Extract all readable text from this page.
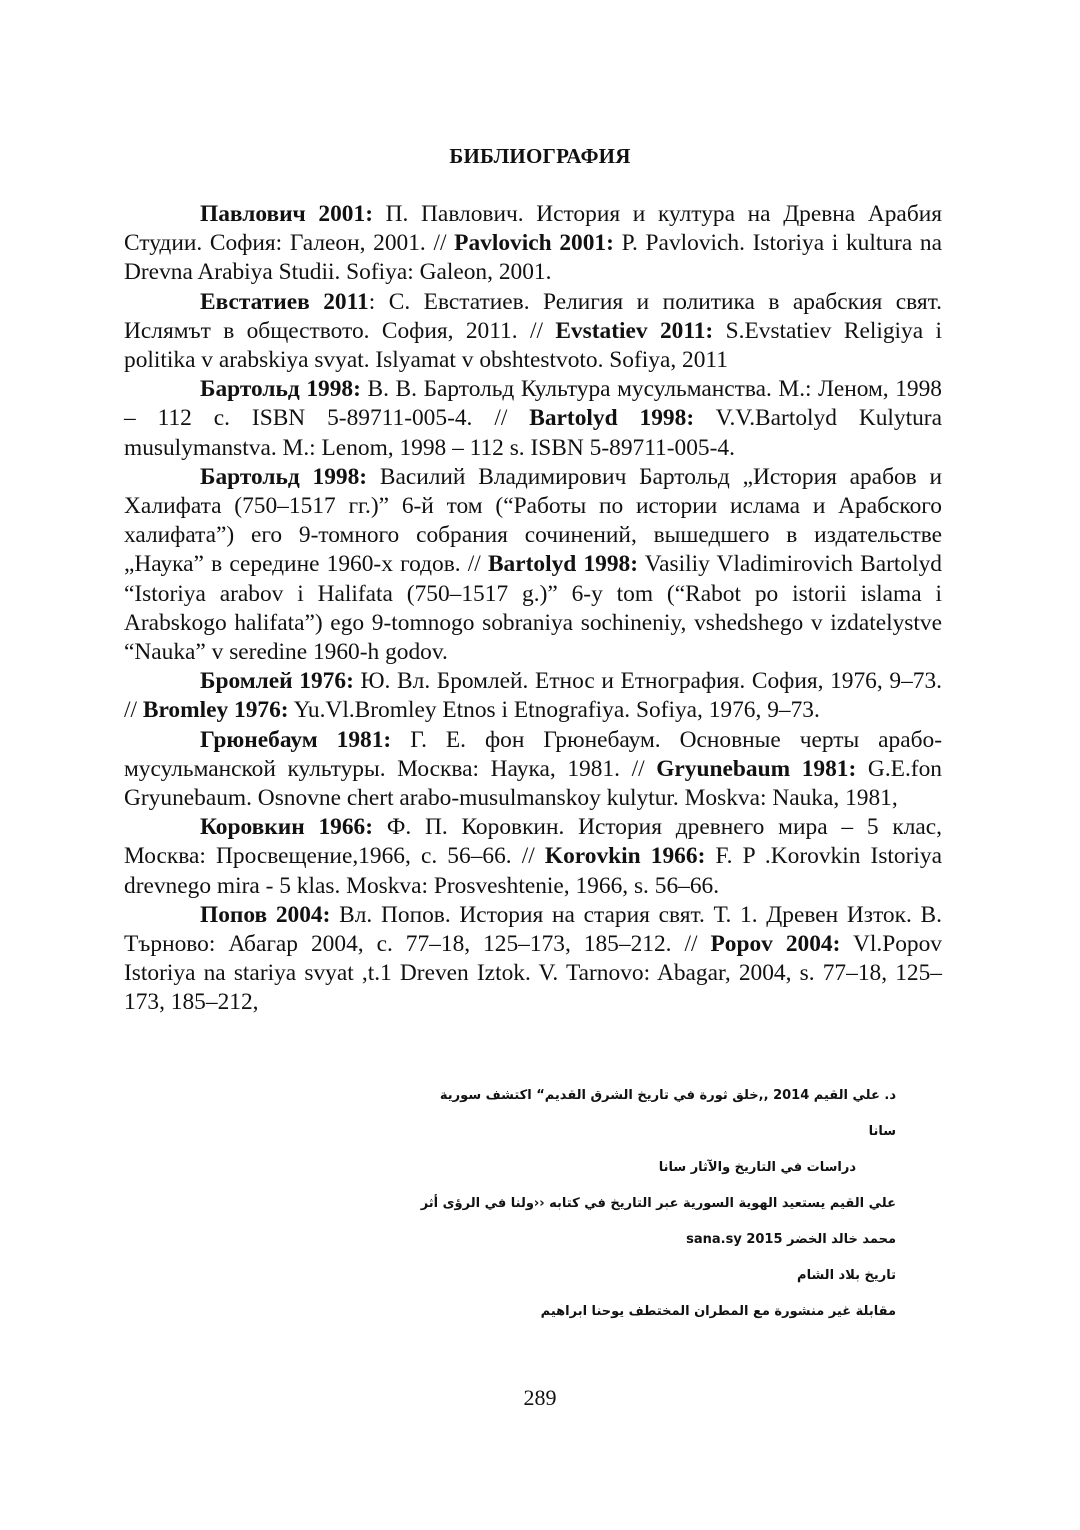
БИБЛИОГРАФИЯ

Павлович 2001: П. Павлович. История и култура на Древна Арабия Студии. София: Галеон, 2001. // Pavlovich 2001: P. Pavlovich. Istoriya i kultura na Drevna Arabiya Studii. Sofiya: Galeon, 2001.

Евстатиев 2011: С. Евстатиев. Религия и политика в арабския свят. Ислямът в обществото. София, 2011. // Evstatiev 2011: S.Evstatiev Religiya i politika v arabskiya svyat. Islyamat v obshtestvoto. Sofiya, 2011

Бартольд 1998: В. В. Бартольд Культура мусульманства. М.: Леном, 1998 – 112 с. ISBN 5-89711-005-4. // Bartolyd 1998: V.V.Bartolyd Kulytura musulymanstva. M.: Lenom, 1998 – 112 s. ISBN 5-89711-005-4.

Бартольд 1998: Василий Владимирович Бартольд „История арабов и Халифата (750–1517 гг.)” 6-й том (“Работы по истории ислама и Арабского халифата”) его 9-томного собрания сочинений, вышедшего в издательстве „Наука” в середине 1960-х годов. // Bartolyd 1998: Vasiliy Vladimirovich Bartolyd “Istoriya arabov i Halifata (750–1517 g.)” 6-y tom (“Rabot po istorii islama i Arabskogo halifata”) ego 9-tomnogo sobraniya sochineniy, vshedshego v izdatelystve “Nauka” v seredine 1960-h godov.

Бромлей 1976: Ю. Вл. Бромлей. Етнос и Етнография. София, 1976, 9–73. // Bromley 1976: Yu.Vl.Bromley Etnos i Etnografiya. Sofiya, 1976, 9–73.

Грюнебаум 1981: Г. Е. фон Грюнебаум. Основные черты арабо-мусульманской культуры. Москва: Наука, 1981. // Gryunebaum 1981: G.E.fon Gryunebaum. Osnovne chert arabo-musulmanskoy kulytur. Moskva: Nauka, 1981,

Коровкин 1966: Ф. П. Коровкин. История древнего мира – 5 клас, Москва: Просвещение,1966, с. 56–66. // Korovkin 1966: F. P .Korovkin Istoriya drevnego mira - 5 klas. Moskva: Prosveshtenie, 1966, s. 56–66.

Попов 2004: Вл. Попов. История на стария свят. Т. 1. Древен Изток. В. Търново: Абагар 2004, с. 77–18, 125–173, 185–212. // Popov 2004: Vl.Popov Istoriya na stariya svyat ,t.1 Dreven Iztok. V. Tarnovo: Abagar, 2004, s. 77–18, 125–173, 185–212,

د. علي القيم 2014 ,,خلق ثورة في تاريخ الشرق القديم“ اكتشف سورية
سانا
دراسات في التاريخ والآثار سانا
علي القيم يستعيد الهوية السورية عبر التاريخ في كتابه ‹‹ولنا في الرؤى أثر
محمد خالد الخضر 2015 sana.sy
تاريخ بلاد الشام
مقابلة غير منشورة مع المطران المختطف يوحنا ابراهيم
289
